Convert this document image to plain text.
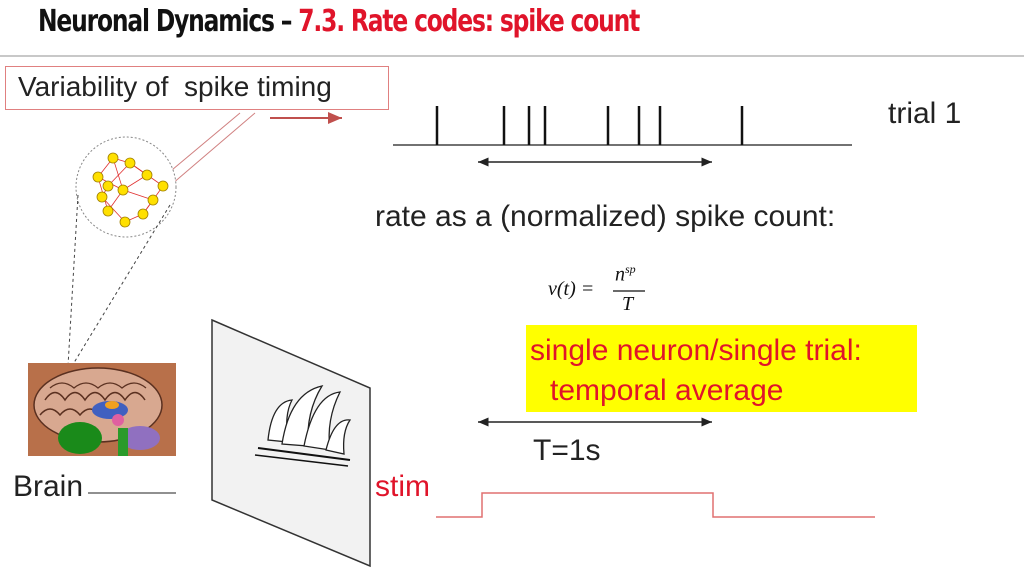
Neuronal Dynamics – 7.3. Rate codes: spike count
Variability of  spike timing
trial 1
rate as a (normalized) spike count:
ν(t) =
$n^{sp}$
T
single neuron/single trial:
temporal average
T=1s
Brain	stim
